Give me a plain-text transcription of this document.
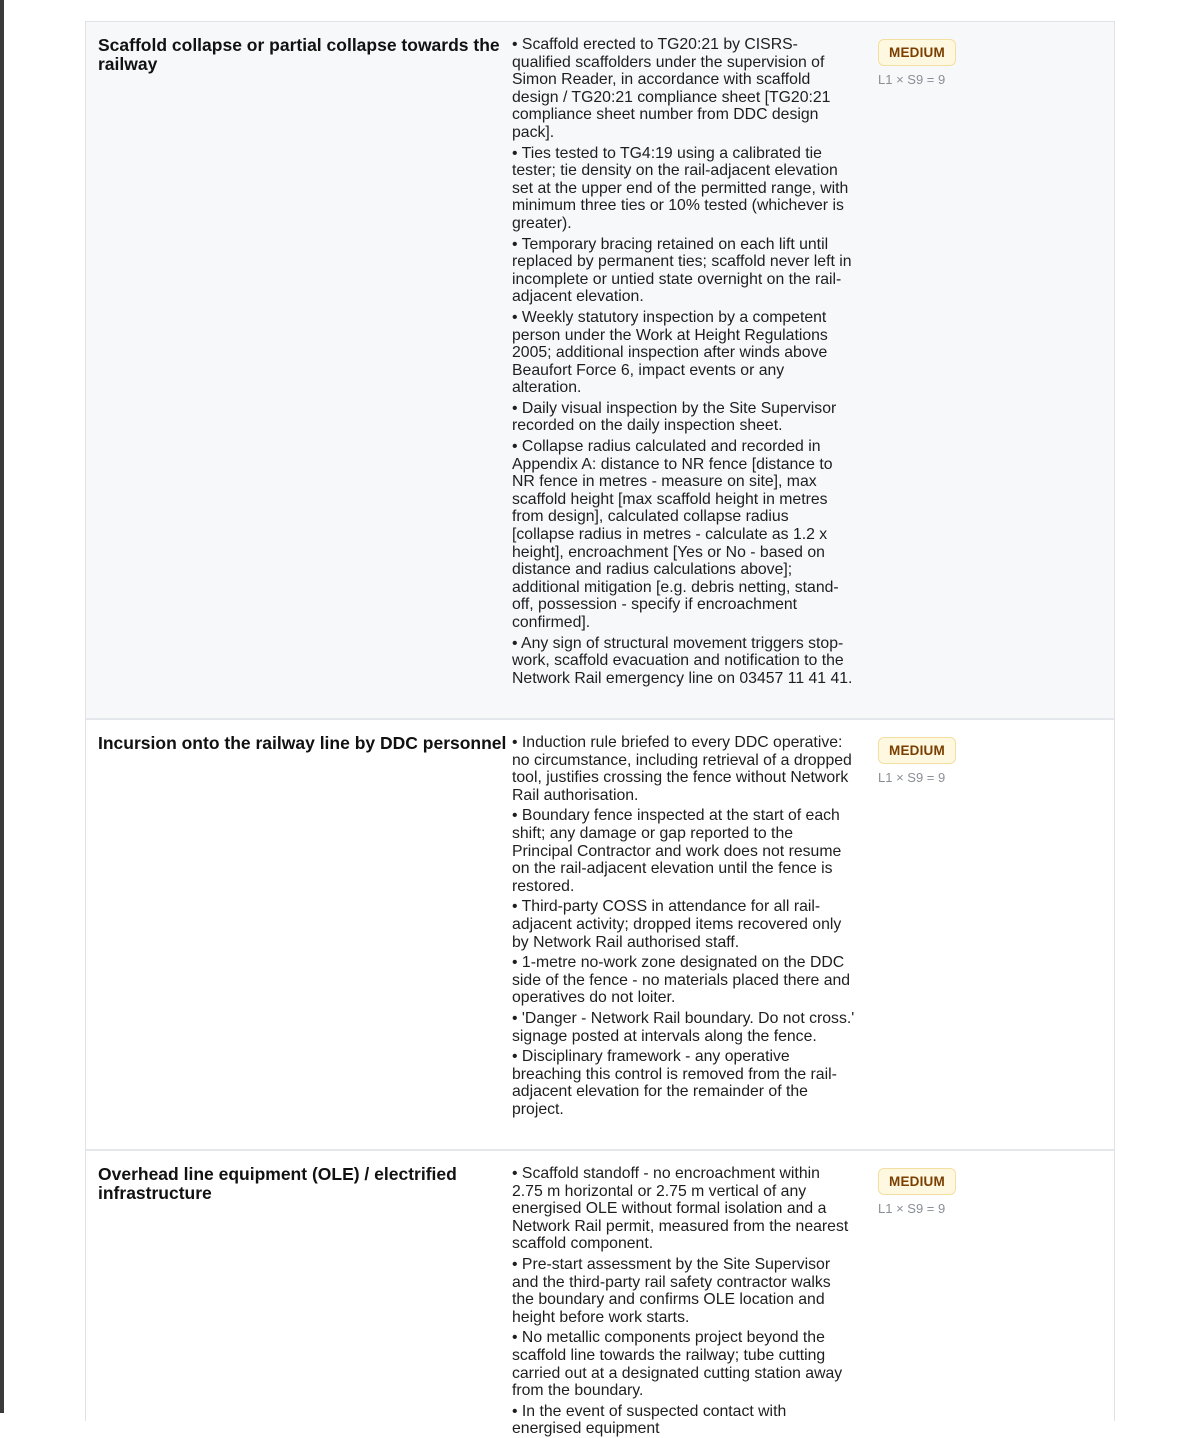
Scaffold collapse or partial collapse towards the railway
• Scaffold erected to TG20:21 by CISRS-qualified scaffolders under the supervision of Simon Reader, in accordance with scaffold design / TG20:21 compliance sheet [TG20:21 compliance sheet number from DDC design pack].
• Ties tested to TG4:19 using a calibrated tie tester; tie density on the rail-adjacent elevation set at the upper end of the permitted range, with minimum three ties or 10% tested (whichever is greater).
• Temporary bracing retained on each lift until replaced by permanent ties; scaffold never left in incomplete or untied state overnight on the rail-adjacent elevation.
• Weekly statutory inspection by a competent person under the Work at Height Regulations 2005; additional inspection after winds above Beaufort Force 6, impact events or any alteration.
• Daily visual inspection by the Site Supervisor recorded on the daily inspection sheet.
• Collapse radius calculated and recorded in Appendix A: distance to NR fence [distance to NR fence in metres - measure on site], max scaffold height [max scaffold height in metres from design], calculated collapse radius [collapse radius in metres - calculate as 1.2 x height], encroachment [Yes or No - based on distance and radius calculations above]; additional mitigation [e.g. debris netting, stand-off, possession - specify if encroachment confirmed].
• Any sign of structural movement triggers stop-work, scaffold evacuation and notification to the Network Rail emergency line on 03457 11 41 41.
MEDIUM
L1 × S9 = 9
Incursion onto the railway line by DDC personnel • Induction rule briefed to every DDC operative: no circumstance, including retrieval of a dropped tool, justifies crossing the fence without Network Rail authorisation.
• Boundary fence inspected at the start of each shift; any damage or gap reported to the Principal Contractor and work does not resume on the rail-adjacent elevation until the fence is restored.
• Third-party COSS in attendance for all rail-adjacent activity; dropped items recovered only by Network Rail authorised staff.
• 1-metre no-work zone designated on the DDC side of the fence - no materials placed there and operatives do not loiter.
• 'Danger - Network Rail boundary. Do not cross.' signage posted at intervals along the fence.
• Disciplinary framework - any operative breaching this control is removed from the rail-adjacent elevation for the remainder of the project.
MEDIUM
L1 × S9 = 9
Overhead line equipment (OLE) / electrified infrastructure
• Scaffold standoff - no encroachment within 2.75 m horizontal or 2.75 m vertical of any energised OLE without formal isolation and a Network Rail permit, measured from the nearest scaffold component.
• Pre-start assessment by the Site Supervisor and the third-party rail safety contractor walks the boundary and confirms OLE location and height before work starts.
• No metallic components project beyond the scaffold line towards the railway; tube cutting carried out at a designated cutting station away from the boundary.
• In the event of suspected contact with energised equipment
MEDIUM
L1 × S9 = 9
